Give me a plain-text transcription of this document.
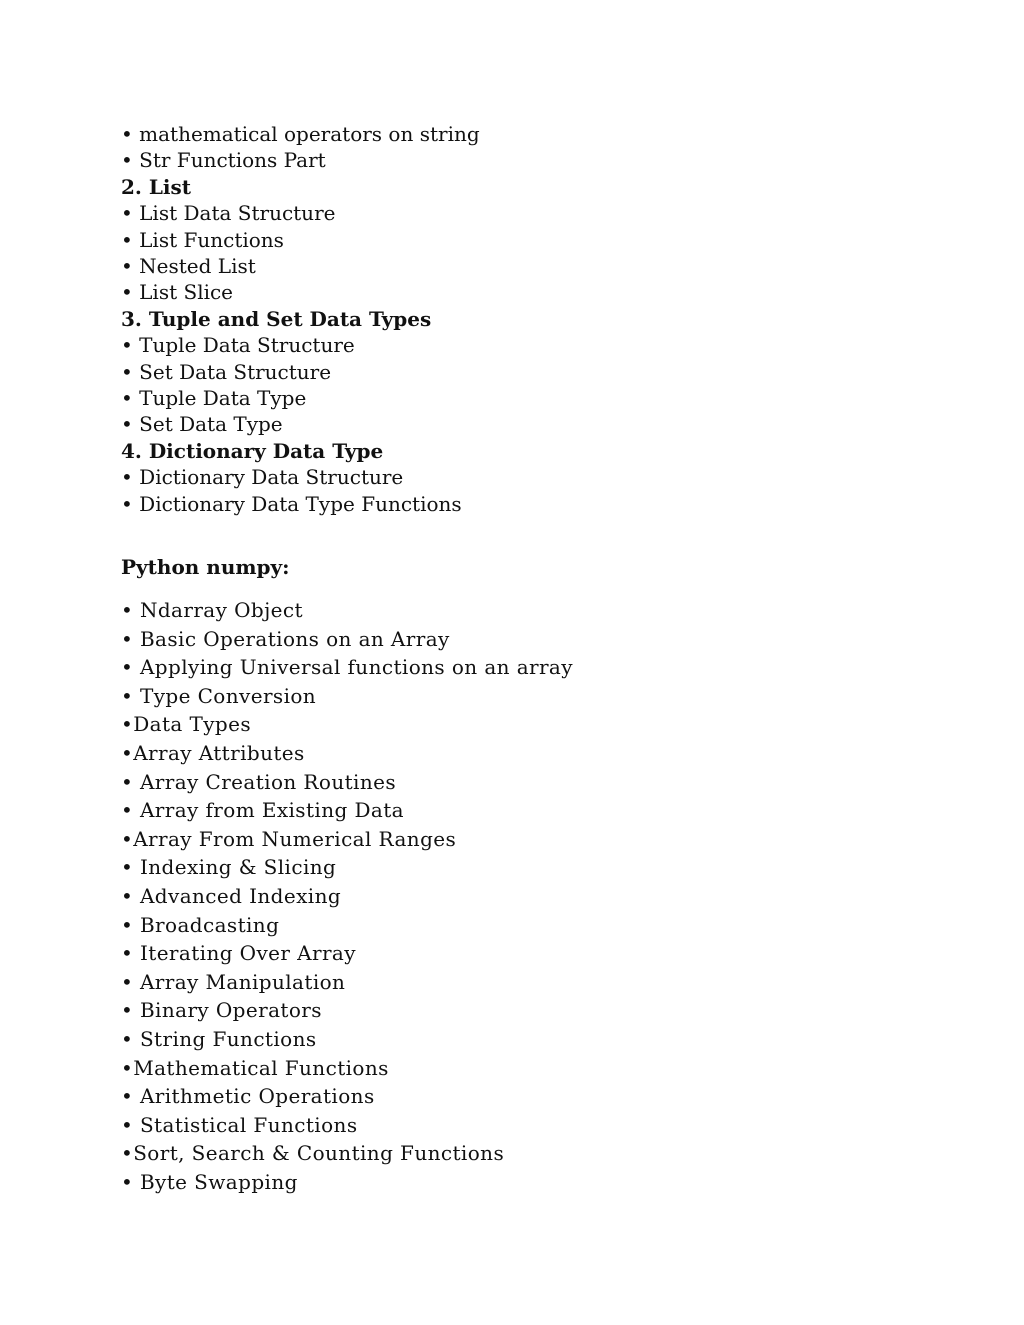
• mathematical operators on string
• Str Functions Part
2. List
• List Data Structure
• List Functions
• Nested List
• List Slice
3. Tuple and Set Data Types
• Tuple Data Structure
• Set Data Structure
• Tuple Data Type
• Set Data Type
4. Dictionary Data Type
• Dictionary Data Structure
• Dictionary Data Type Functions
Python numpy:
• Ndarray Object
• Basic Operations on an Array
• Applying Universal functions on an array
• Type Conversion
•Data Types
•Array Attributes
• Array Creation Routines
• Array from Existing Data
•Array From Numerical Ranges
• Indexing & Slicing
• Advanced Indexing
• Broadcasting
• Iterating Over Array
• Array Manipulation
• Binary Operators
• String Functions
•Mathematical Functions
• Arithmetic Operations
• Statistical Functions
•Sort, Search & Counting Functions
• Byte Swapping
